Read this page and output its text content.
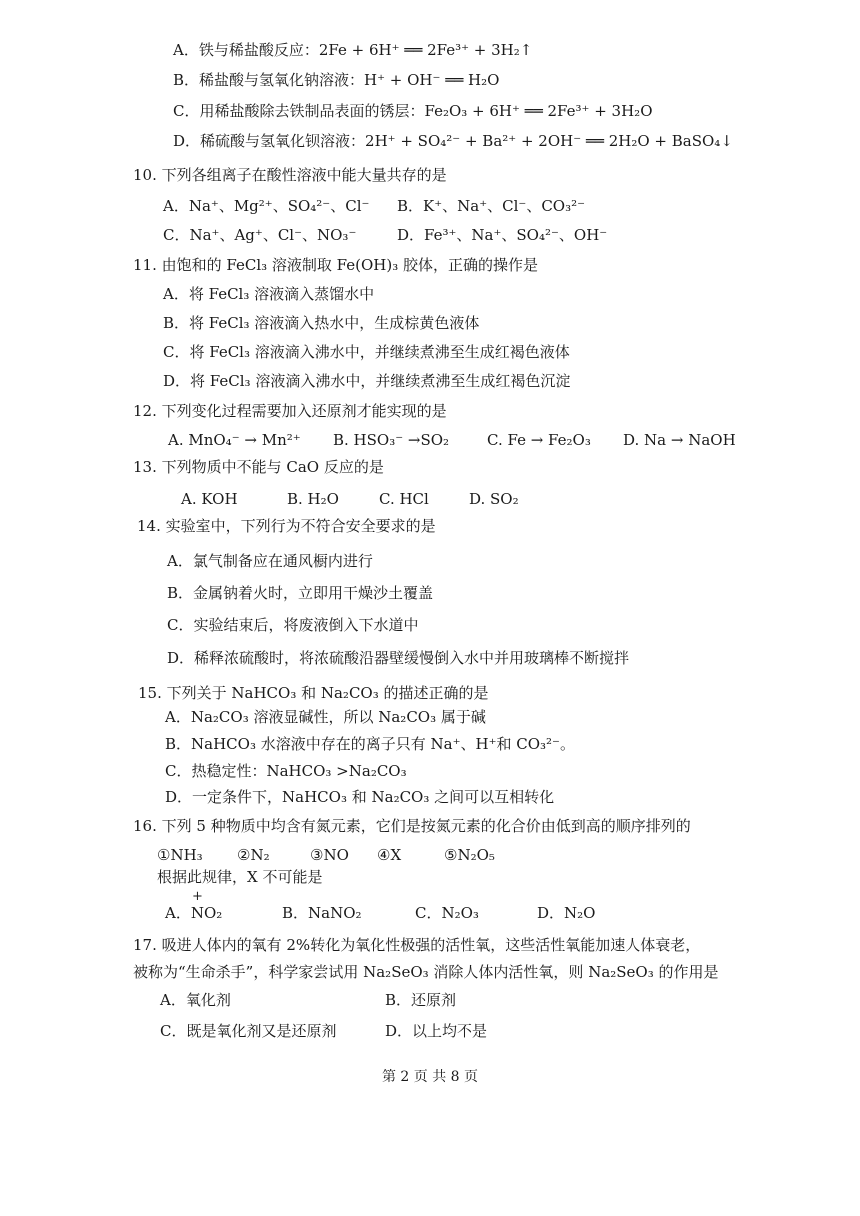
A．铁与稀盐酸反应：2Fe + 6H⁺ ══ 2Fe³⁺ + 3H₂↑
B．稀盐酸与氢氧化钠溶液：H⁺ + OH⁻ ══ H₂O
C．用稀盐酸除去铁制品表面的锈层：Fe₂O₃ + 6H⁺ ══ 2Fe³⁺ + 3H₂O
D．稀硫酸与氢氧化钡溶液：2H⁺ + SO₄²⁻ + Ba²⁺ + 2OH⁻ ══ 2H₂O + BaSO₄↓
10. 下列各组离子在酸性溶液中能大量共存的是
A．Na⁺、Mg²⁺、SO₄²⁻、Cl⁻ B．K⁺、Na⁺、Cl⁻、CO₃²⁻
C．Na⁺、Ag⁺、Cl⁻、NO₃⁻	D．Fe³⁺、Na⁺、SO₄²⁻、OH⁻
11. 由饱和的 FeCl₃ 溶液制取 Fe(OH)₃ 胶体，正确的操作是
A．将 FeCl₃ 溶液滴入蒸馏水中
B．将 FeCl₃ 溶液滴入热水中，生成棕黄色液体
C．将 FeCl₃ 溶液滴入沸水中，并继续煮沸至生成红褐色液体
D．将 FeCl₃ 溶液滴入沸水中，并继续煮沸至生成红褐色沉淀
12. 下列变化过程需要加入还原剂才能实现的是
A. MnO₄⁻ → Mn²⁺ B. HSO₃⁻ →SO₂	C. Fe → Fe₂O₃ D. Na → NaOH
13. 下列物质中不能与 CaO 反应的是
A. KOH	B. H₂O	C. HCl	D. SO₂
14. 实验室中，下列行为不符合安全要求的是
A．氯气制备应在通风橱内进行
B．金属钠着火时，立即用干燥沙土覆盖
C．实验结束后，将废液倒入下水道中
D．稀释浓硫酸时，将浓硫酸沿器壁缓慢倒入水中并用玻璃棒不断搅拌
15. 下列关于 NaHCO₃ 和 Na₂CO₃ 的描述正确的是
A．Na₂CO₃ 溶液显碱性，所以 Na₂CO₃ 属于碱
B．NaHCO₃ 水溶液中存在的离子只有 Na⁺、H⁺和 CO₃²⁻。
C．热稳定性：NaHCO₃ >Na₂CO₃
D．一定条件下，NaHCO₃ 和 Na₂CO₃ 之间可以互相转化
16. 下列 5 种物质中均含有氮元素，它们是按氮元素的化合价由低到高的顺序排列的
①NH₃ ②N₂	③NO ④X	⑤N₂O₅
根据此规律，X 不可能是
+
A．NO₂	B．NaNO₂	C．N₂O₃	D．N₂O
17. 吸进人体内的氧有 2%转化为氧化性极强的活性氧，这些活性氧能加速人体衰老，
被称为“生命杀手”，科学家尝试用 Na₂SeO₃ 消除人体内活性氧，则 Na₂SeO₃ 的作用是
A．氧化剂	B．还原剂
C．既是氧化剂又是还原剂	D．以上均不是
第 2 页 共 8 页
